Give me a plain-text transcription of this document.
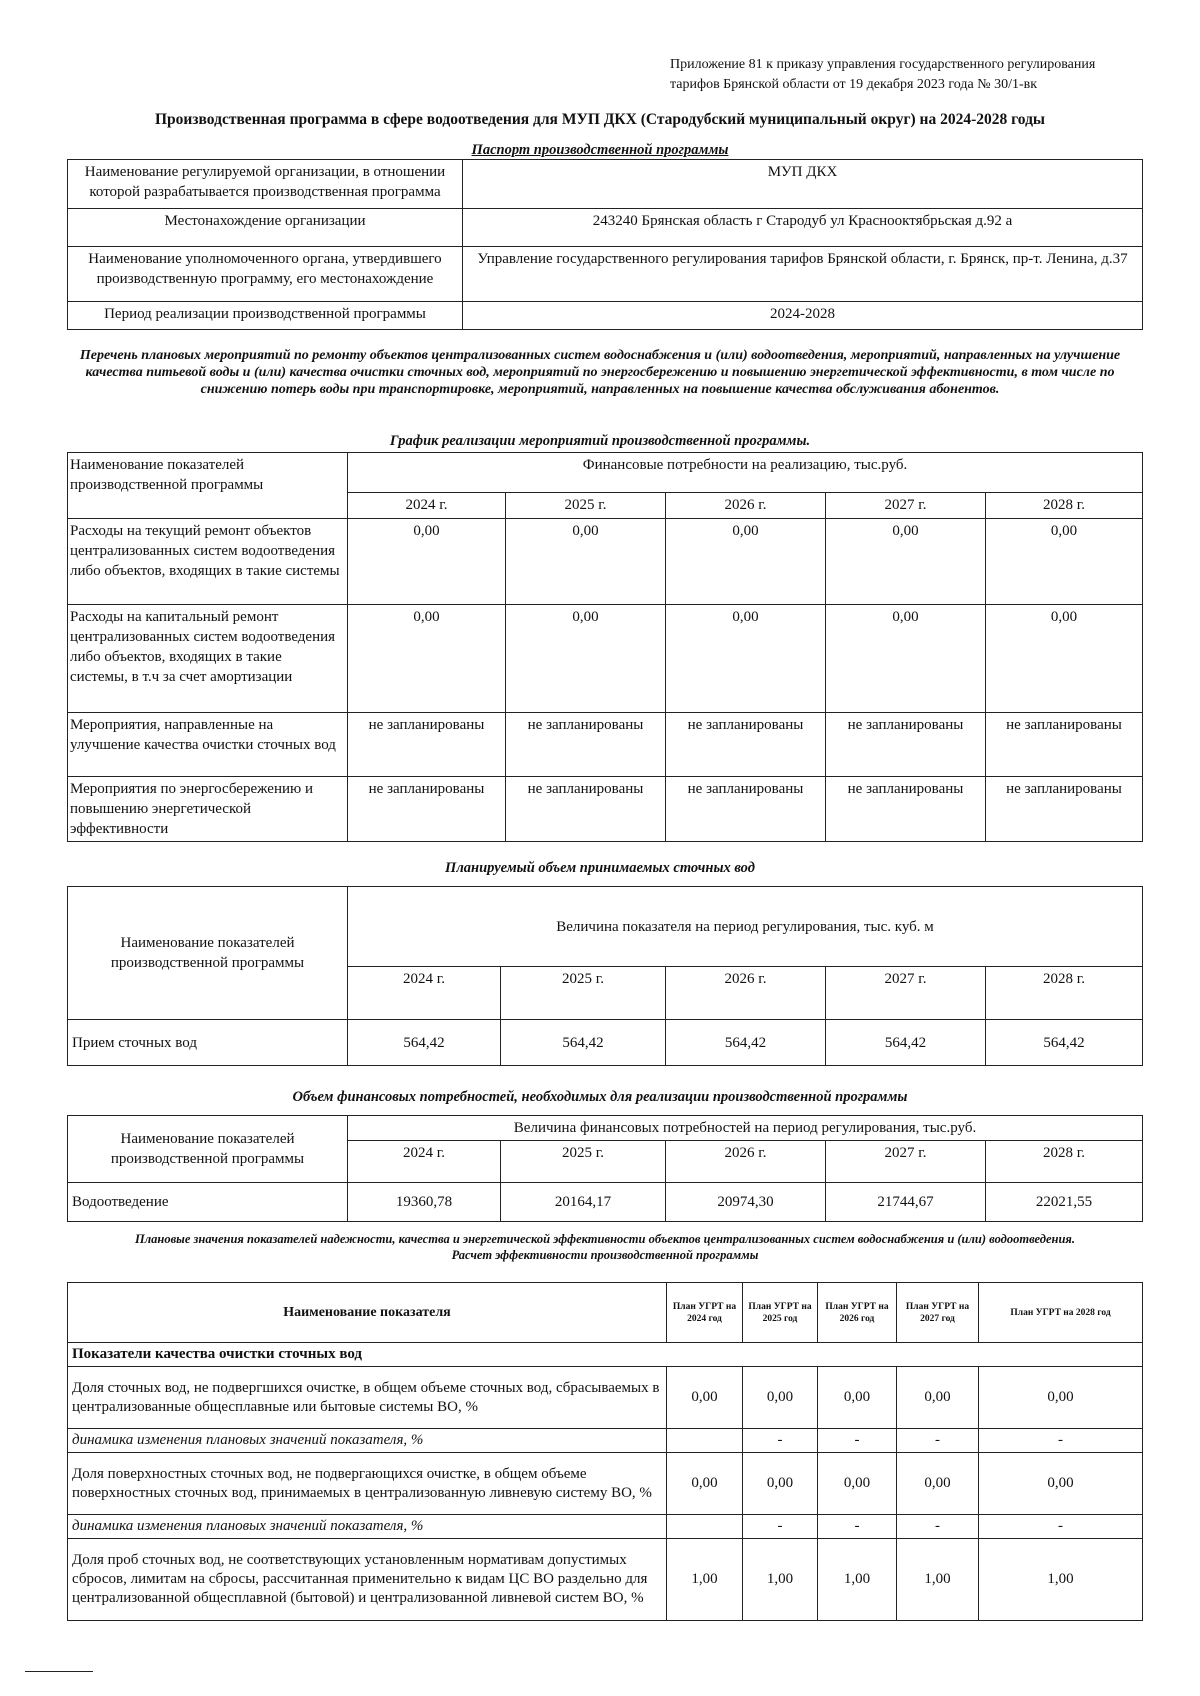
Приложение 81 к приказу управления государственного регулирования
тарифов Брянской области от 19 декабря 2023 года № 30/1-вк
Производственная программа в сфере водоотведения для МУП ДКХ (Стародубский муниципальный округ) на 2024-2028 годы
Паспорт производственной программы
Наименование регулируемой организации, в отношении которой разрабатывается производственная программа	МУП ДКХ
Местонахождение организации	243240 Брянская область г Стародуб ул Краснооктябрьская д.92 а
Наименование уполномоченного органа, утвердившего производственную программу, его местонахождение	Управление государственного регулирования тарифов Брянской области, г. Брянск, пр-т. Ленина, д.37
Период реализации производственной программы	2024-2028
Перечень плановых мероприятий по ремонту объектов централизованных систем водоснабжения и (или) водоотведения, мероприятий, направленных на улучшение качества питьевой воды и (или) качества очистки сточных вод, мероприятий по энергосбережению и повышению энергетической эффективности, в том числе по снижению потерь воды при транспортировке, мероприятий, направленных на повышение качества обслуживания абонентов.
График реализации мероприятий производственной программы.
Наименование показателей производственной программы	Финансовые потребности на реализацию, тыс.руб.				
	2024 г.	2025 г.	2026 г.	2027 г.	2028 г.
Расходы на текущий ремонт объектов централизованных систем водоотведения либо объектов, входящих в такие системы	0,00	0,00	0,00	0,00	0,00
Расходы на капитальный ремонт централизованных систем водоотведения либо объектов, входящих в такие системы, в т.ч за счет амортизации	0,00	0,00	0,00	0,00	0,00
Мероприятия, направленные на улучшение качества очистки сточных вод	не запланированы	не запланированы	не запланированы	не запланированы	не запланированы
Мероприятия по энергосбережению и повышению энергетической эффективности	не запланированы	не запланированы	не запланированы	не запланированы	не запланированы
Планируемый объем принимаемых сточных вод
Наименование показателей производственной программы	Величина показателя на период регулирования, тыс. куб. м				
	2024 г.	2025 г.	2026 г.	2027 г.	2028 г.
Прием сточных вод	564,42	564,42	564,42	564,42	564,42
Объем финансовых потребностей, необходимых для реализации производственной программы
Наименование показателей производственной программы	Величина финансовых потребностей на период регулирования, тыс.руб.				
	2024 г.	2025 г.	2026 г.	2027 г.	2028 г.
Водоотведение	19360,78	20164,17	20974,30	21744,67	22021,55
Плановые значения показателей надежности, качества и энергетической эффективности объектов централизованных систем водоснабжения и (или) водоотведения.
Расчет эффективности производственной программы
Наименование показателя	План УГРТ на 2024 год	План УГРТ на 2025 год	План УГРТ на 2026 год	План УГРТ на 2027 год	План УГРТ на 2028 год
Показатели качества очистки сточных вод					
Доля сточных вод, не подвергшихся очистке, в общем объеме сточных вод, сбрасываемых в централизованные общесплавные или бытовые системы ВО, %	0,00	0,00	0,00	0,00	0,00
динамика изменения плановых значений показателя, %		-	-	-	-
Доля поверхностных сточных вод, не подвергающихся очистке, в общем объеме поверхностных сточных вод, принимаемых в централизованную ливневую систему ВО, %	0,00	0,00	0,00	0,00	0,00
динамика изменения плановых значений показателя, %		-	-	-	-
Доля проб сточных вод, не соответствующих установленным нормативам допустимых сбросов, лимитам на сбросы, рассчитанная применительно к видам ЦС ВО раздельно для централизованной общесплавной (бытовой) и централизованной ливневой систем ВО, %	1,00	1,00	1,00	1,00	1,00
